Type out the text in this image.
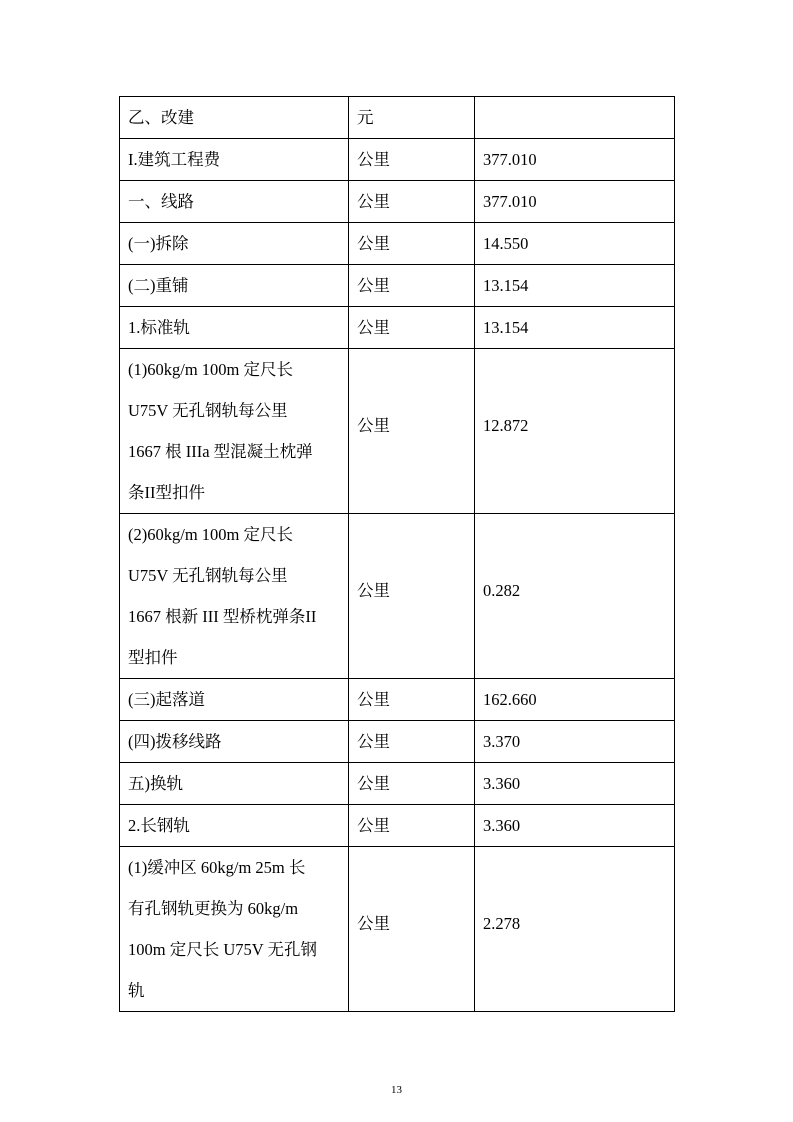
乙、改建	元	

I.建筑工程费	公里	377.010

一、线路	公里	377.010

(一)拆除	公里	14.550

(二)重铺	公里	13.154

1.标准轨	公里	13.154

(1)60kg/m 100m 定尺长
U75V 无孔钢轨每公里
1667 根 IIIa 型混凝土枕弹
条II型扣件	公里	12.872

(2)60kg/m 100m 定尺长
U75V 无孔钢轨每公里
1667 根新 III 型桥枕弹条II
型扣件	公里	0.282

(三)起落道	公里	162.660

(四)拨移线路	公里	3.370

五)换轨	公里	3.360

2.长钢轨	公里	3.360

(1)缓冲区 60kg/m 25m 长
有孔钢轨更换为 60kg/m
100m 定尺长 U75V 无孔钢
轨	公里	2.278
13
